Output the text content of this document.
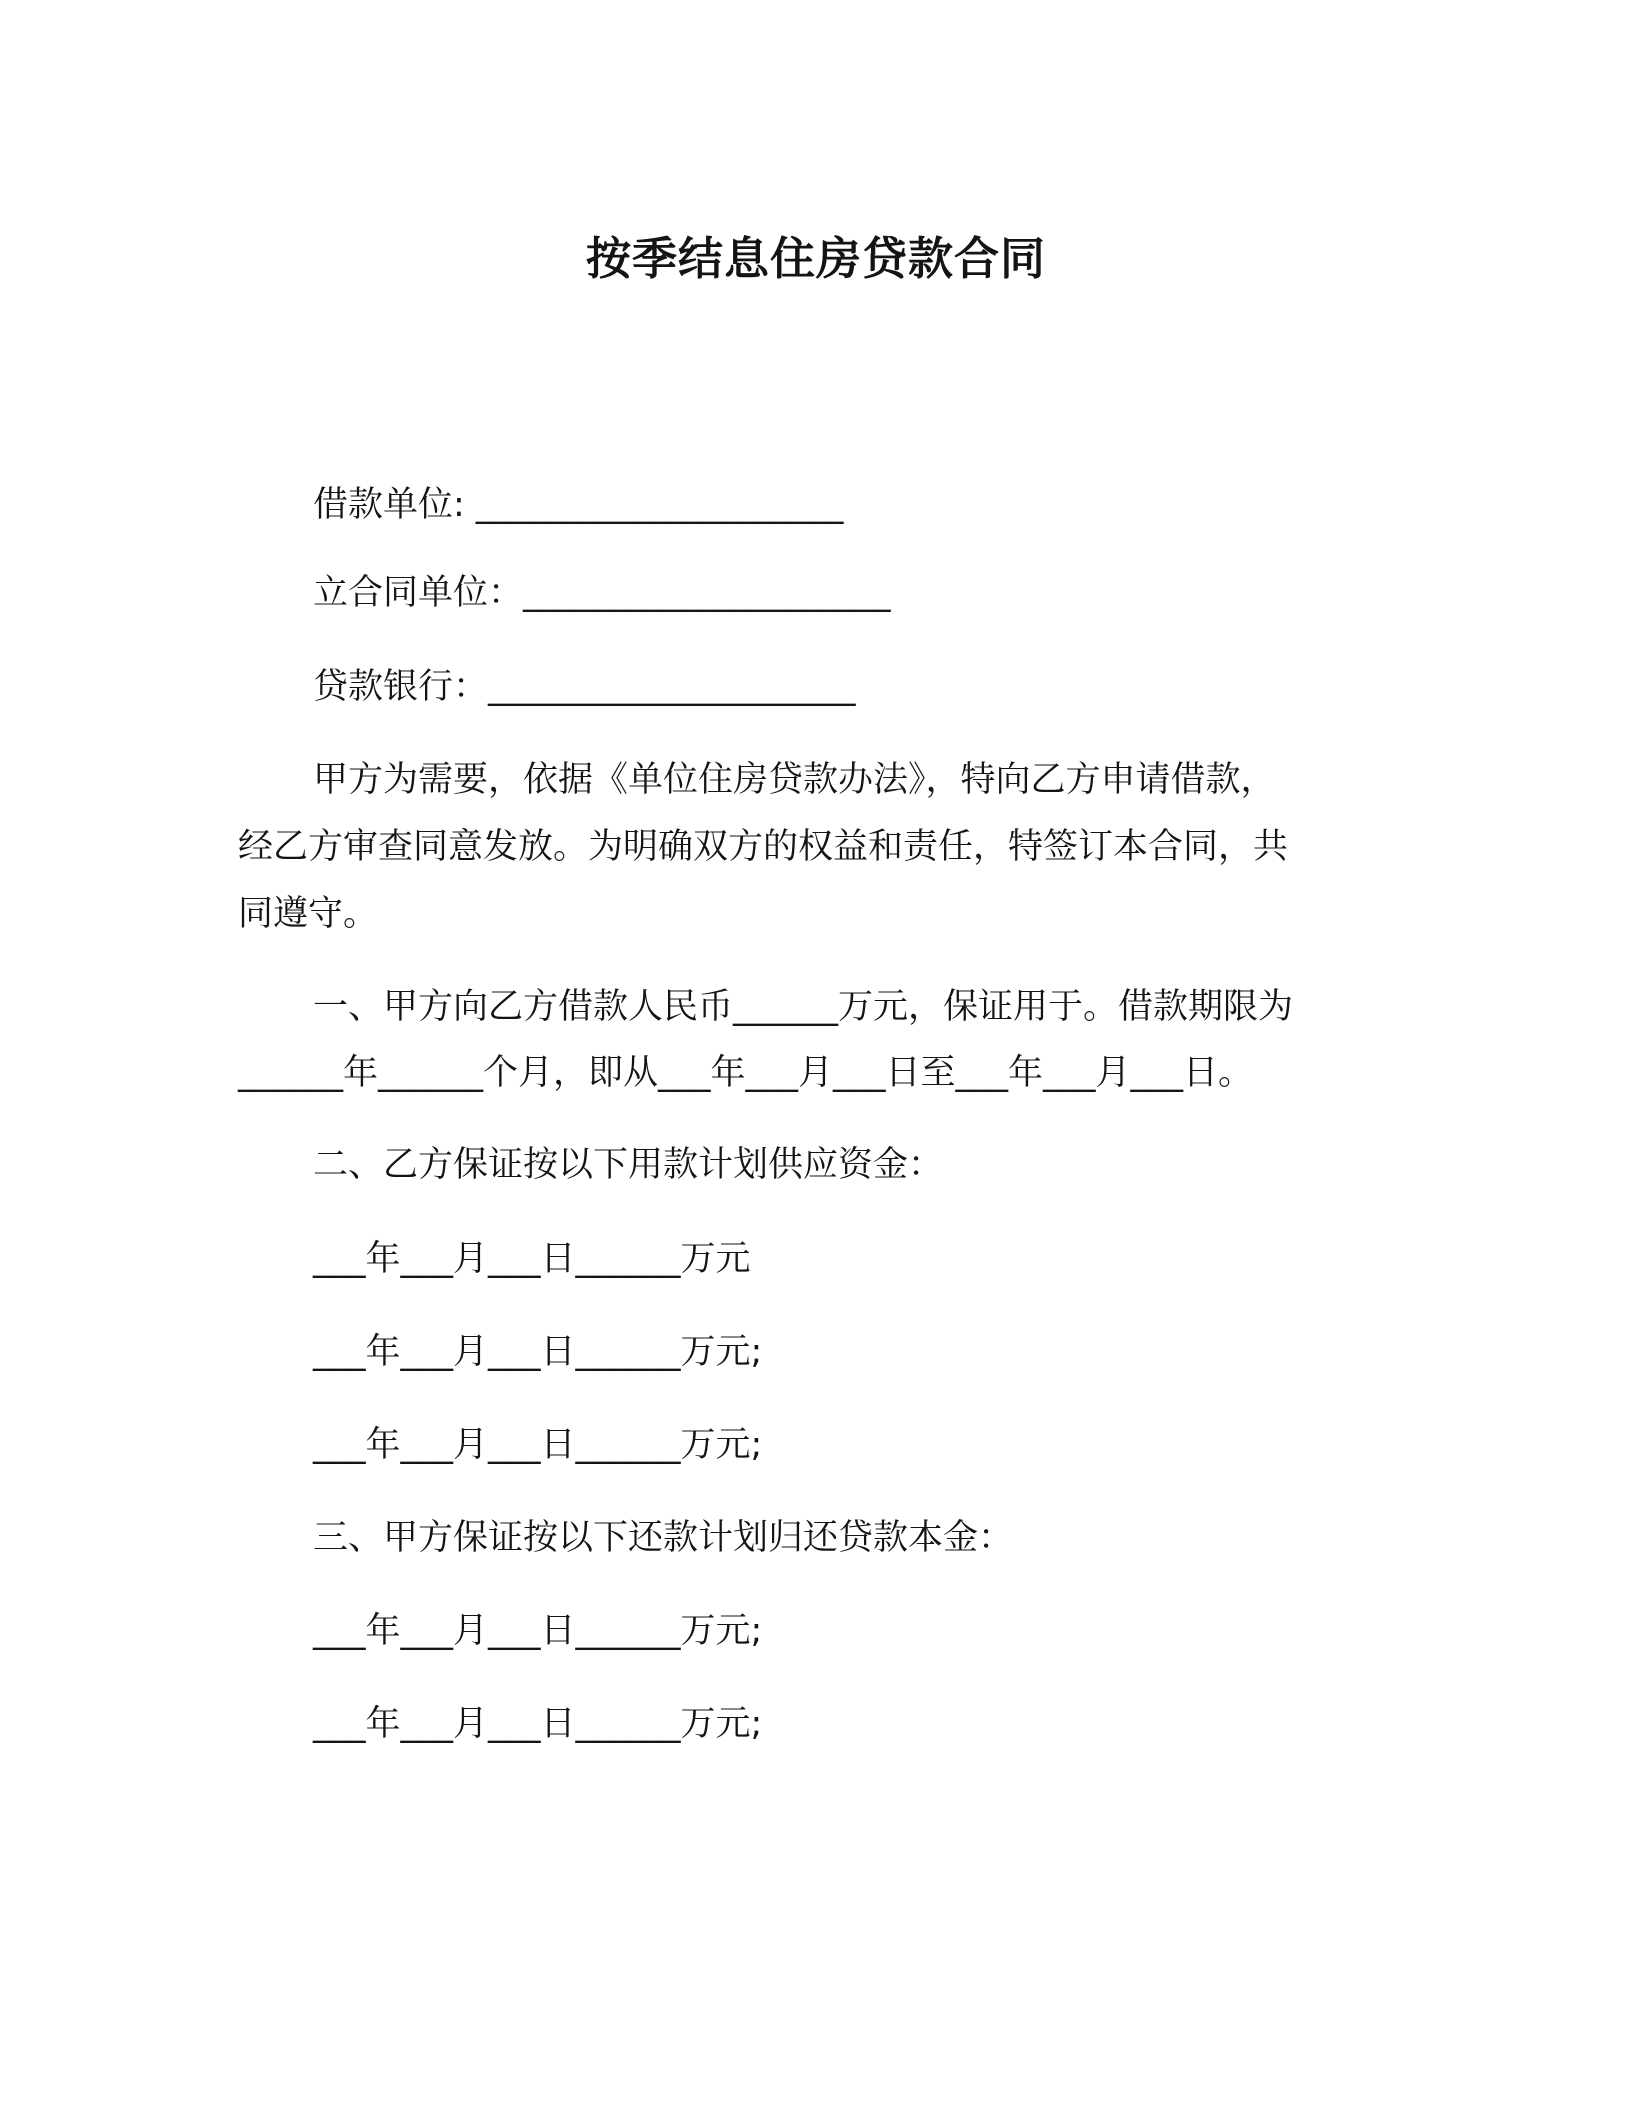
按季结息住房贷款合同
借款单位: _____________________
立合同单位：_____________________
贷款银行：_____________________
甲方为需要，依据《单位住房贷款办法》，特向乙方申请借款，
经乙方审查同意发放。为明确双方的权益和责任，特签订本合同，共
同遵守。
一、甲方向乙方借款人民币______万元，保证用于。借款期限为
______年______个月，即从___年___月___日至___年___月___日。
二、乙方保证按以下用款计划供应资金：
___年___月___日______万元
___年___月___日______万元;
___年___月___日______万元;
三、甲方保证按以下还款计划归还贷款本金：
___年___月___日______万元;
___年___月___日______万元;
